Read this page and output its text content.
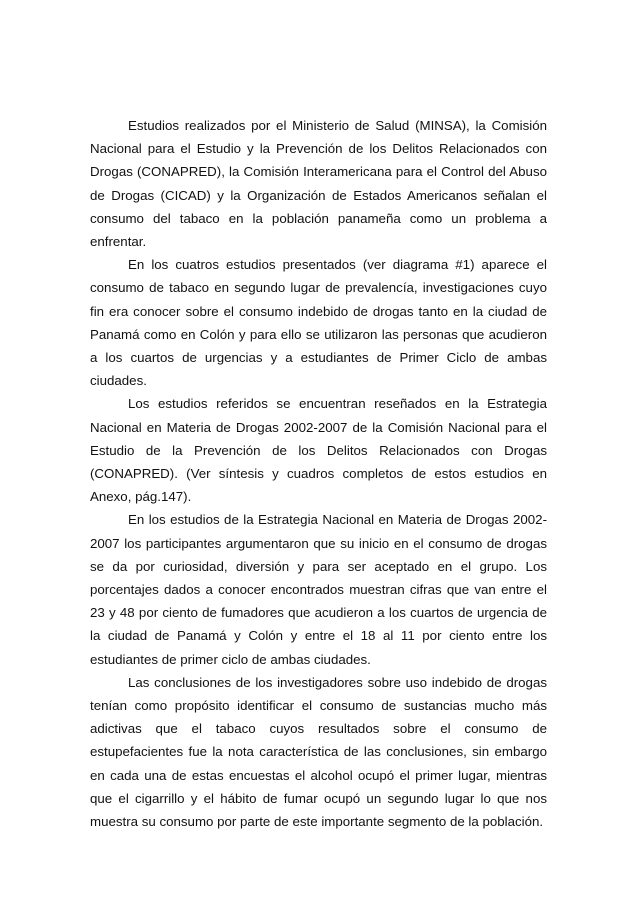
Estudios realizados por el Ministerio de Salud (MINSA), la Comisión Nacional para el Estudio y la Prevención de los Delitos Relacionados con Drogas (CONAPRED), la Comisión Interamericana para el Control del Abuso de Drogas (CICAD) y la Organización de Estados Americanos señalan el consumo del tabaco en la población panameña como un problema a enfrentar.

En los cuatros estudios presentados (ver diagrama #1) aparece el consumo de tabaco en segundo lugar de prevalencía, investigaciones cuyo fin era conocer sobre el consumo indebido de drogas tanto en la ciudad de Panamá como en Colón y para ello se utilizaron las personas que acudieron a los cuartos de urgencias y a estudiantes de Primer Ciclo de ambas ciudades.

Los estudios referidos se encuentran reseñados en la Estrategia Nacional en Materia de Drogas 2002-2007 de la Comisión Nacional para el Estudio de la Prevención de los Delitos Relacionados con Drogas (CONAPRED). (Ver síntesis y cuadros completos de estos estudios en Anexo, pág.147).

En los estudios de la Estrategia Nacional en Materia de Drogas 2002-2007 los participantes argumentaron que su inicio en el consumo de drogas se da por curiosidad, diversión y para ser aceptado en el grupo. Los porcentajes dados a conocer encontrados muestran cifras que van entre el 23 y 48 por ciento de fumadores que acudieron a los cuartos de urgencia de la ciudad de Panamá y Colón y entre el 18 al 11 por ciento entre los estudiantes de primer ciclo de ambas ciudades.

Las conclusiones de los investigadores sobre uso indebido de drogas tenían como propósito identificar el consumo de sustancias mucho más adictivas que el tabaco cuyos resultados sobre el consumo de estupefacientes fue la nota característica de las conclusiones, sin embargo en cada una de estas encuestas el alcohol ocupó el primer lugar, mientras que el cigarrillo y el hábito de fumar ocupó un segundo lugar lo que nos muestra su consumo por parte de este importante segmento de la población.
